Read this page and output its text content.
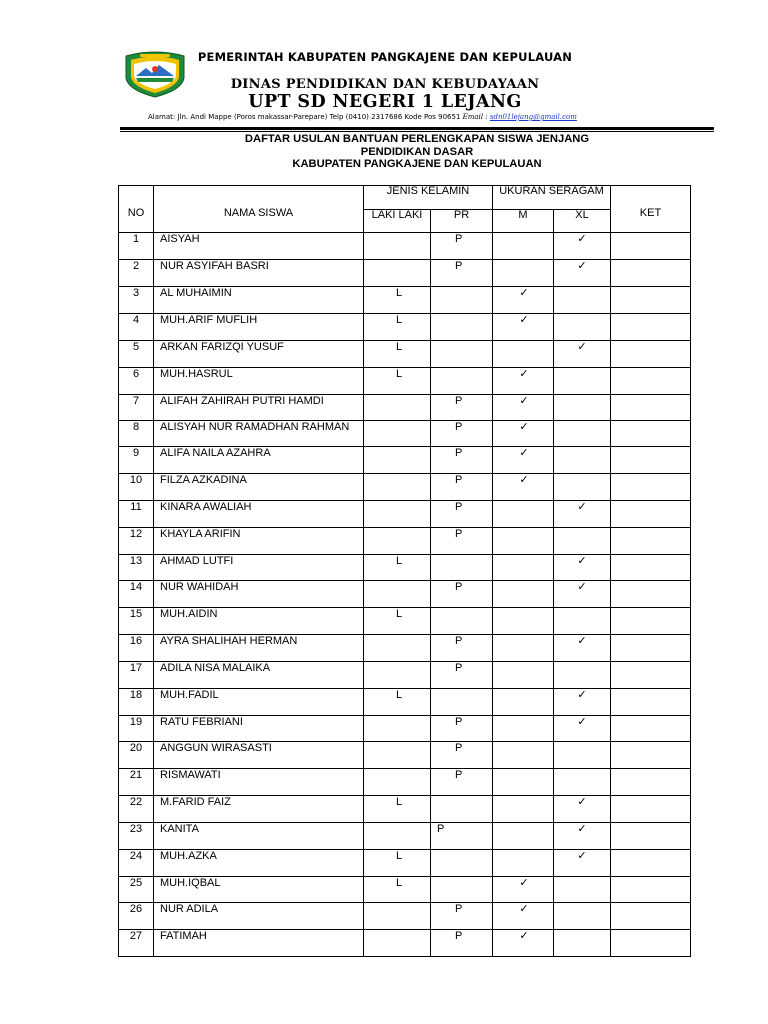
PEMERINTAH KABUPATEN PANGKAJENE DAN KEPULAUAN
DINAS PENDIDIKAN DAN KEBUDAYAAN
UPT SD NEGERI 1 LEJANG
Alamat: Jln. Andi Mappe (Poros makassar-Parepare) Telp (0410) 2317686 Kode Pos 90651 Email : sdn01lejang@gmail.com
DAFTAR USULAN BANTUAN PERLENGKAPAN SISWA JENJANG
PENDIDIKAN DASAR
KABUPATEN PANGKAJENE DAN KEPULAUAN
NO	NAMA SISWA	JENIS KELAMIN		UKURAN SERAGAM		KET
		LAKI LAKI	PR	M	XL	
1	AISYAH		P		✓	
2	NUR ASYIFAH BASRI		P		✓	
3	AL MUHAIMIN	L		✓		
4	MUH.ARIF MUFLIH	L		✓		
5	ARKAN FARIZQI YUSUF	L			✓	
6	MUH.HASRUL	L		✓		
7	ALIFAH ZAHIRAH PUTRI HAMDI		P	✓		
8	ALISYAH NUR RAMADHAN RAHMAN		P	✓		
9	ALIFA NAILA AZAHRA		P	✓		
10	FILZA AZKADINA		P	✓		
11	KINARA AWALIAH		P		✓	
12	KHAYLA ARIFIN		P			
13	AHMAD LUTFI	L			✓	
14	NUR WAHIDAH		P		✓	
15	MUH.AIDIN	L				
16	AYRA SHALIHAH HERMAN		P		✓	
17	ADILA NISA MALAIKA		P			
18	MUH.FADIL	L			✓	
19	RATU FEBRIANI		P		✓	
20	ANGGUN WIRASASTI		P			
21	RISMAWATI		P			
22	M.FARID FAIZ	L			✓	
23	KANITA		P		✓	
24	MUH.AZKA	L			✓	
25	MUH.IQBAL	L		✓		
26	NUR ADILA		P	✓		
27	FATIMAH		P	✓		
